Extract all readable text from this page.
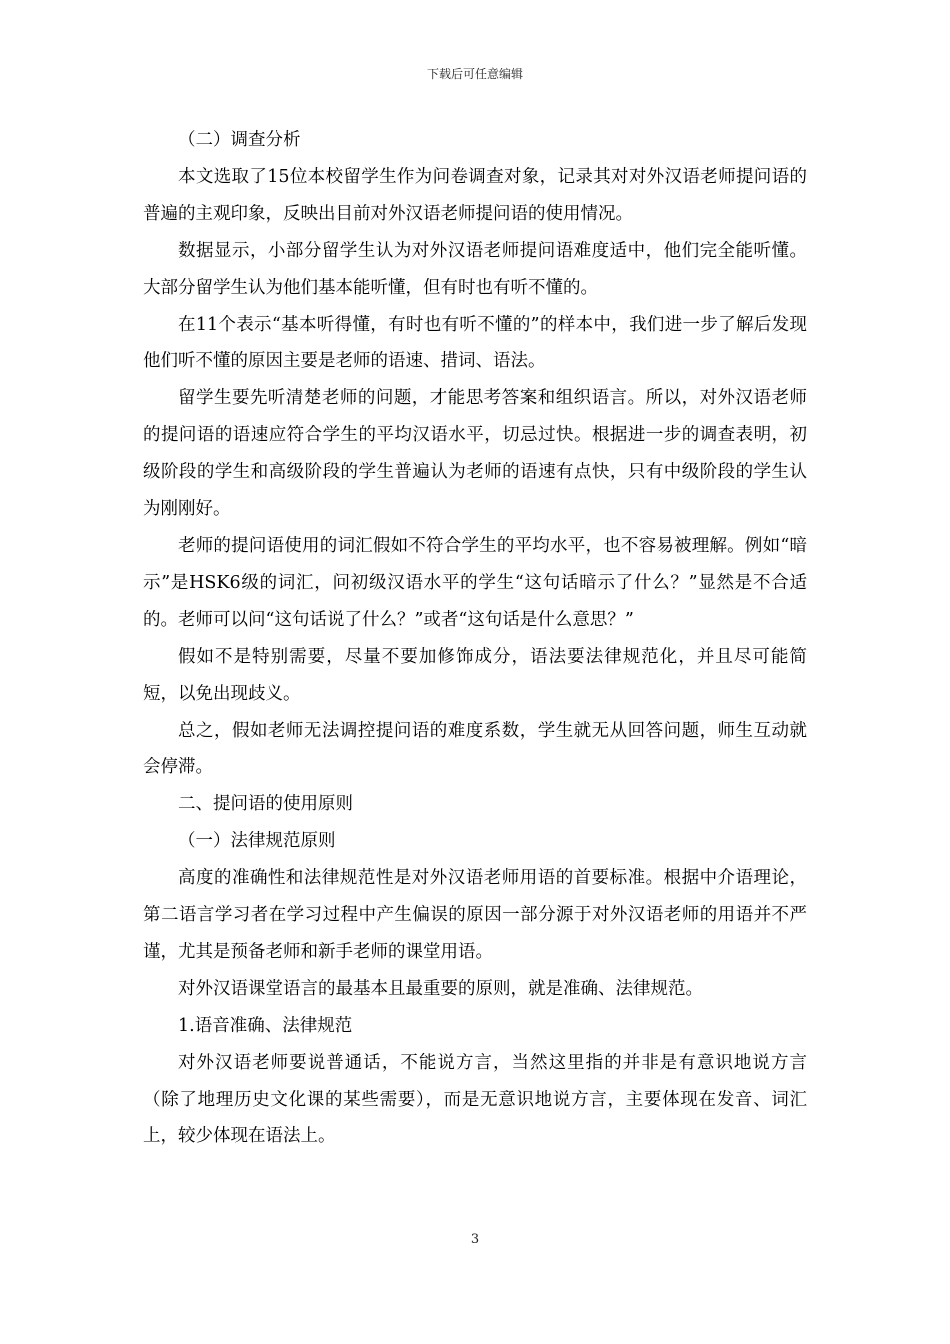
下载后可任意编辑

（二）调查分析

本文选取了15位本校留学生作为问卷调查对象，记录其对对外汉语老师提问语的普遍的主观印象，反映出目前对外汉语老师提问语的使用情况。

数据显示，小部分留学生认为对外汉语老师提问语难度适中，他们完全能听懂。大部分留学生认为他们基本能听懂，但有时也有听不懂的。

在11个表示“基本听得懂，有时也有听不懂的”的样本中，我们进一步了解后发现他们听不懂的原因主要是老师的语速、措词、语法。

留学生要先听清楚老师的问题，才能思考答案和组织语言。所以，对外汉语老师的提问语的语速应符合学生的平均汉语水平，切忌过快。根据进一步的调查表明，初级阶段的学生和高级阶段的学生普遍认为老师的语速有点快，只有中级阶段的学生认为刚刚好。

老师的提问语使用的词汇假如不符合学生的平均水平，也不容易被理解。例如“暗示”是HSK6级的词汇，问初级汉语水平的学生“这句话暗示了什么？”显然是不合适的。老师可以问“这句话说了什么？”或者“这句话是什么意思？”

假如不是特别需要，尽量不要加修饰成分，语法要法律规范化，并且尽可能简短，以免出现歧义。

总之，假如老师无法调控提问语的难度系数，学生就无从回答问题，师生互动就会停滞。

二、提问语的使用原则

（一）法律规范原则

高度的准确性和法律规范性是对外汉语老师用语的首要标准。根据中介语理论，第二语言学习者在学习过程中产生偏误的原因一部分源于对外汉语老师的用语并不严谨，尤其是预备老师和新手老师的课堂用语。

对外汉语课堂语言的最基本且最重要的原则，就是准确、法律规范。

1.语音准确、法律规范

对外汉语老师要说普通话，不能说方言，当然这里指的并非是有意识地说方言（除了地理历史文化课的某些需要），而是无意识地说方言，主要体现在发音、词汇上，较少体现在语法上。

3
